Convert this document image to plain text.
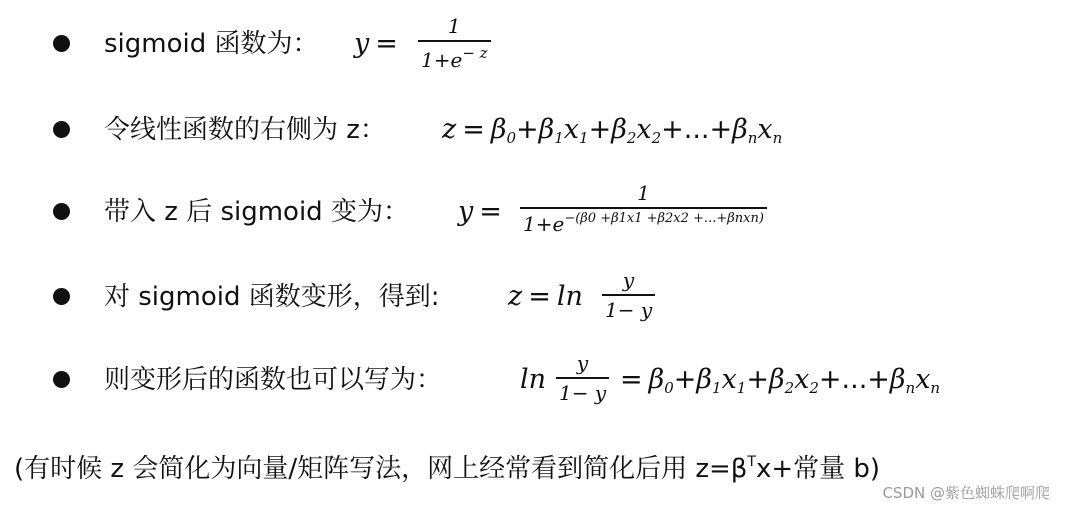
sigmoid 函数为： y =
1
$1+e^{- z}$
令线性函数的右侧为 z： $z = \beta_0+\beta_1x_1+\beta_2x_2+...+\beta_nx_n$
带入 z 后 sigmoid 变为： y =
1
$1+e^{-(\beta 0 +\beta 1x1 +\beta 2x2 +...+\beta nxn)}$
对 sigmoid 函数变形，得到:	z = ln
y
1− y
则变形后的函数也可以写为：	ln
y
$1- y = \beta_0+\beta_1x_1+\beta_2x_2+...+\beta_nx_n$
(有时候 z 会简化为向量/矩阵写法，网上经常看到简化后用 $z=\beta^Tx+$常量 b)
CSDN @紫色蜘蛛爬啊爬
